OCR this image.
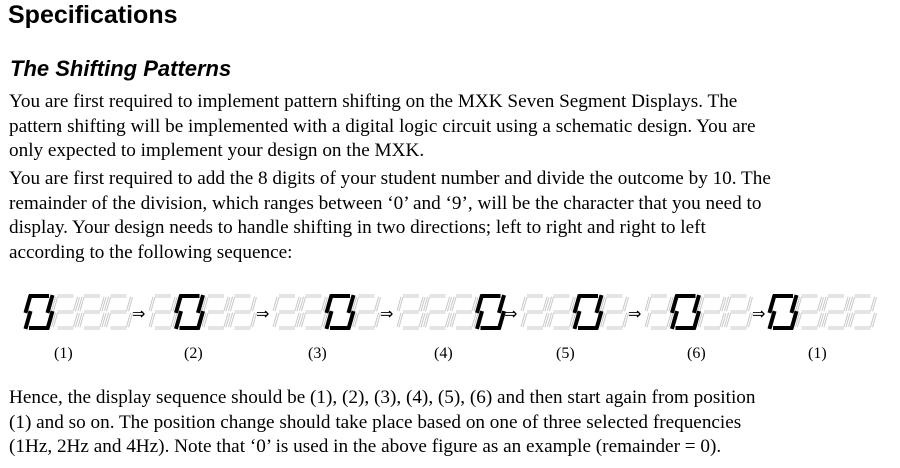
Specifications
The Shifting Patterns
You are first required to implement pattern shifting on the MXK Seven Segment Displays. The
pattern shifting will be implemented with a digital logic circuit using a schematic design. You are
only expected to implement your design on the MXK.
You are first required to add the 8 digits of your student number and divide the outcome by 10. The
remainder of the division, which ranges between ‘0’ and ‘9’, will be the character that you need to
display. Your design needs to handle shifting in two directions; left to right and right to left
according to the following sequence:
⇒	⇒	⇒	⇒	⇒	⇒
(1)	(2)	(3)	(4)	(5)	(6)	(1)
Hence, the display sequence should be (1), (2), (3), (4), (5), (6) and then start again from position
(1) and so on. The position change should take place based on one of three selected frequencies
(1Hz, 2Hz and 4Hz). Note that ‘0’ is used in the above figure as an example (remainder = 0).
